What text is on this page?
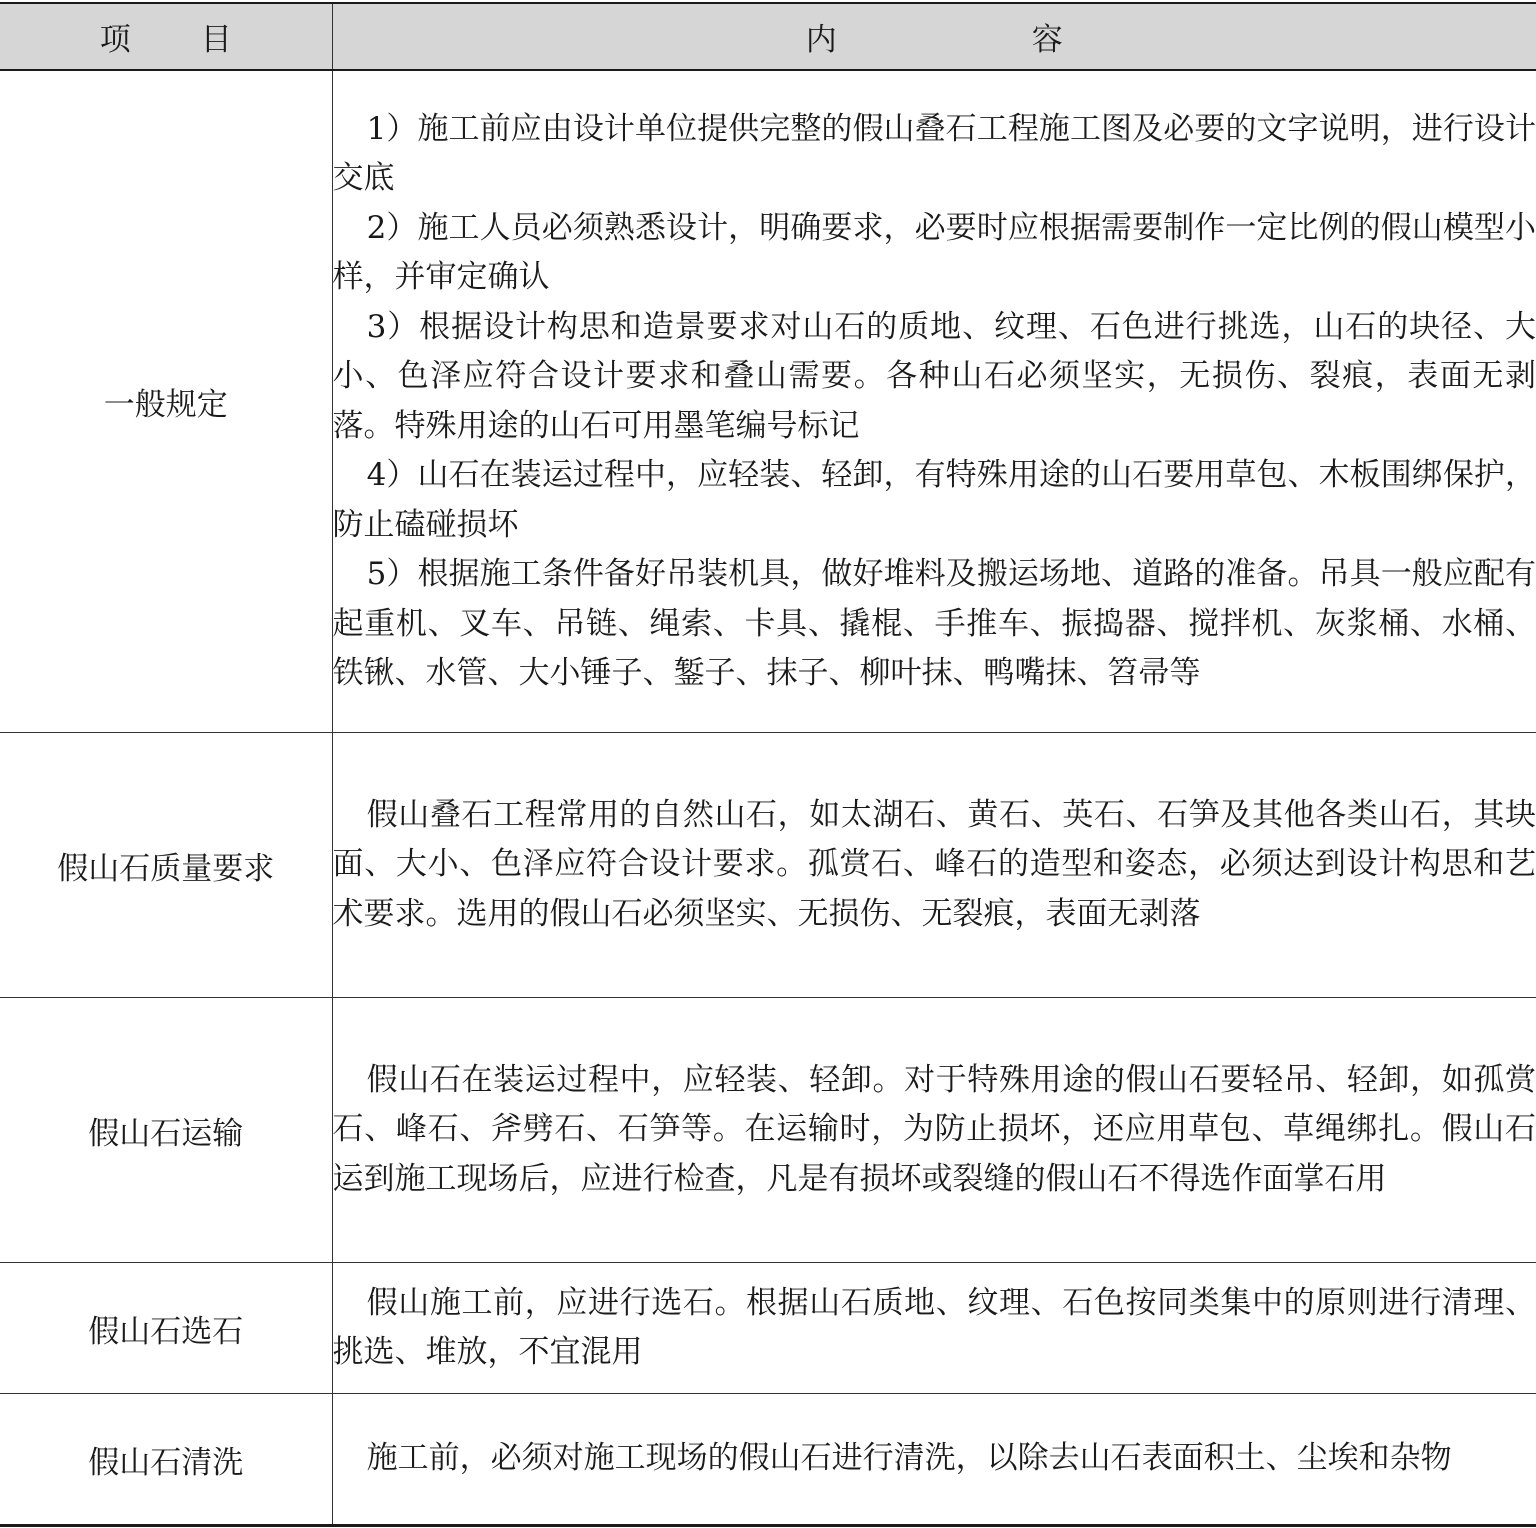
项目	内容
一般规定	1）施工前应由设计单位提供完整的假山叠石工程施工图及必要的文字说明，进行设计交底

2）施工人员必须熟悉设计，明确要求，必要时应根据需要制作一定比例的假山模型小样，并审定确认

3）根据设计构思和造景要求对山石的质地、纹理、石色进行挑选，山石的块径、大小、色泽应符合设计要求和叠山需要。各种山石必须坚实，无损伤、裂痕，表面无剥落。特殊用途的山石可用墨笔编号标记

4）山石在装运过程中，应轻装、轻卸，有特殊用途的山石要用草包、木板围绑保护，防止磕碰损坏

5）根据施工条件备好吊装机具，做好堆料及搬运场地、道路的准备。吊具一般应配有起重机、叉车、吊链、绳索、卡具、撬棍、手推车、振捣器、搅拌机、灰浆桶、水桶、铁锹、水管、大小锤子、錾子、抹子、柳叶抹、鸭嘴抹、笤帚等

假山石质量要求	假山叠石工程常用的自然山石，如太湖石、黄石、英石、石笋及其他各类山石，其块面、大小、色泽应符合设计要求。孤赏石、峰石的造型和姿态，必须达到设计构思和艺术要求。选用的假山石必须坚实、无损伤、无裂痕，表面无剥落

假山石运输	假山石在装运过程中，应轻装、轻卸。对于特殊用途的假山石要轻吊、轻卸，如孤赏石、峰石、斧劈石、石笋等。在运输时，为防止损坏，还应用草包、草绳绑扎。假山石运到施工现场后，应进行检查，凡是有损坏或裂缝的假山石不得选作面掌石用

假山石选石	假山施工前，应进行选石。根据山石质地、纹理、石色按同类集中的原则进行清理、挑选、堆放，不宜混用

假山石清洗	施工前，必须对施工现场的假山石进行清洗，以除去山石表面积土、尘埃和杂物
